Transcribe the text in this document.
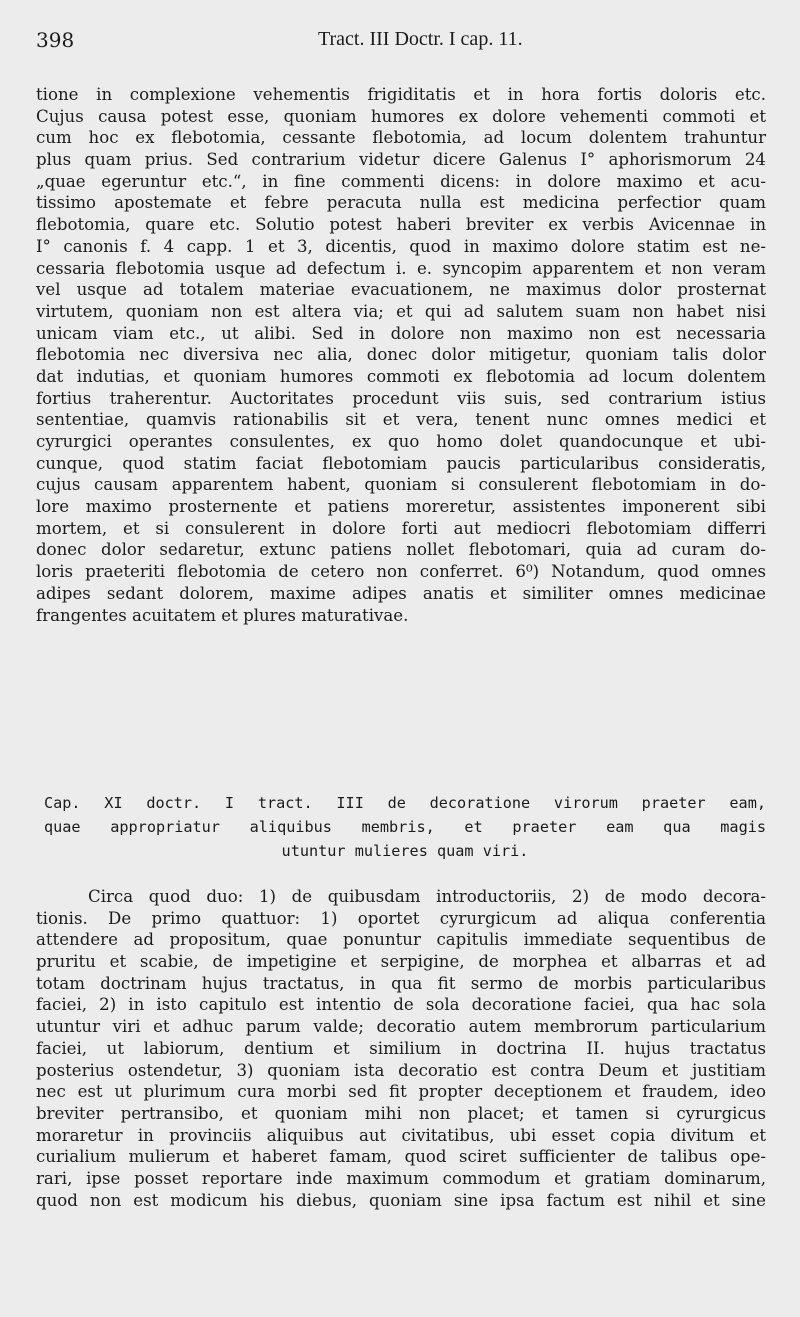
398	Tract. III Doctr. I cap. 11.
tione in complexione vehementis frigiditatis et in hora fortis doloris etc.
Cujus causa potest esse, quoniam humores ex dolore vehementi commoti et
cum hoc ex flebotomia, cessante flebotomia, ad locum dolentem trahuntur
plus quam prius. Sed contrarium videtur dicere Galenus I° aphorismorum 24
„quae egeruntur etc.“, in fine commenti dicens: in dolore maximo et acu-
tissimo apostemate et febre peracuta nulla est medicina perfectior quam
flebotomia, quare etc. Solutio potest haberi breviter ex verbis Avicennae in
I° canonis f. 4 capp. 1 et 3, dicentis, quod in maximo dolore statim est ne-
cessaria flebotomia usque ad defectum i. e. syncopim apparentem et non veram
vel usque ad totalem materiae evacuationem, ne maximus dolor prosternat
virtutem, quoniam non est altera via; et qui ad salutem suam non habet nisi
unicam viam etc., ut alibi. Sed in dolore non maximo non est necessaria
flebotomia nec diversiva nec alia, donec dolor mitigetur, quoniam talis dolor
dat indutias, et quoniam humores commoti ex flebotomia ad locum dolentem
fortius traherentur. Auctoritates procedunt viis suis, sed contrarium istius
sententiae, quamvis rationabilis sit et vera, tenent nunc omnes medici et
cyrurgici operantes consulentes, ex quo homo dolet quandocunque et ubi-
cunque, quod statim faciat flebotomiam paucis particularibus consideratis,
cujus causam apparentem habent, quoniam si consulerent flebotomiam in do-
lore maximo prosternente et patiens moreretur, assistentes imponerent sibi
mortem, et si consulerent in dolore forti aut mediocri flebotomiam differri
donec dolor sedaretur, extunc patiens nollet flebotomari, quia ad curam do-
loris praeteriti flebotomia de cetero non conferret. 6⁰) Notandum, quod omnes
adipes sedant dolorem, maxime adipes anatis et similiter omnes medicinae
frangentes acuitatem et plures maturativae.
Cap. XI doctr. I tract. III de decoratione virorum praeter eam,
quae appropriatur aliquibus membris, et praeter eam qua magis
utuntur mulieres quam viri.
Circa quod duo: 1) de quibusdam introductoriis, 2) de modo decora-
tionis. De primo quattuor: 1) oportet cyrurgicum ad aliqua conferentia
attendere ad propositum, quae ponuntur capitulis immediate sequentibus de
pruritu et scabie, de impetigine et serpigine, de morphea et albarras et ad
totam doctrinam hujus tractatus, in qua fit sermo de morbis particularibus
faciei, 2) in isto capitulo est intentio de sola decoratione faciei, qua hac sola
utuntur viri et adhuc parum valde; decoratio autem membrorum particularium
faciei, ut labiorum, dentium et similium in doctrina II. hujus tractatus
posterius ostendetur, 3) quoniam ista decoratio est contra Deum et justitiam
nec est ut plurimum cura morbi sed fit propter deceptionem et fraudem, ideo
breviter pertransibo, et quoniam mihi non placet; et tamen si cyrurgicus
moraretur in provinciis aliquibus aut civitatibus, ubi esset copia divitum et
curialium mulierum et haberet famam, quod sciret sufficienter de talibus ope-
rari, ipse posset reportare inde maximum commodum et gratiam dominarum,
quod non est modicum his diebus, quoniam sine ipsa factum est nihil et sine
